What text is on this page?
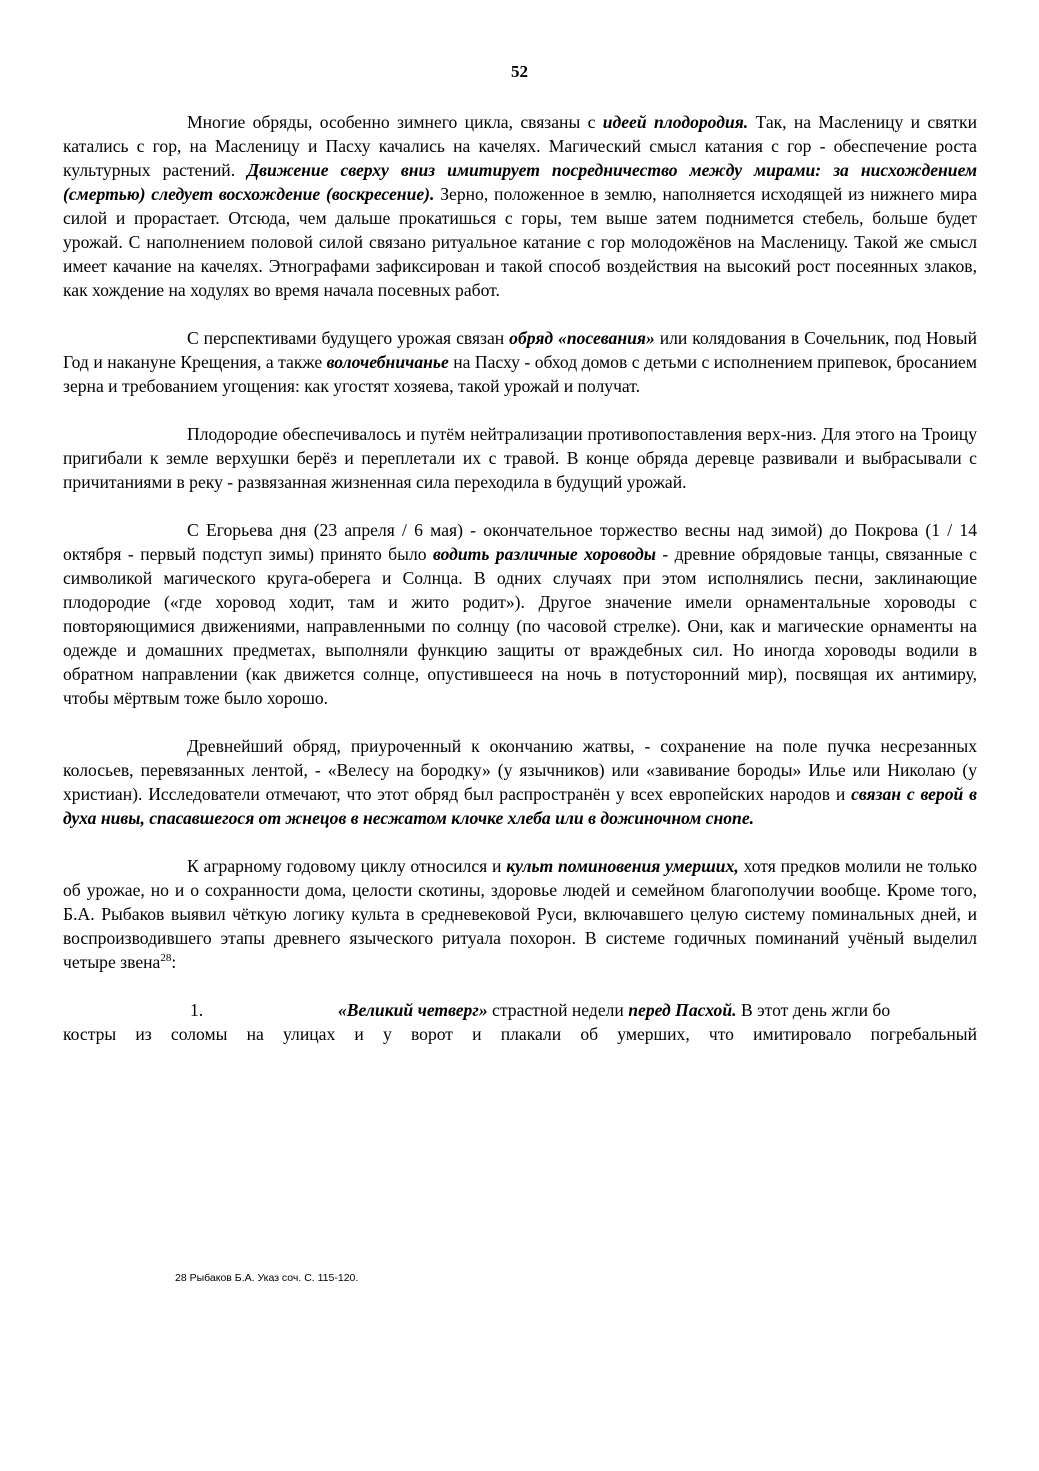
52

Многие обряды, особенно зимнего цикла, связаны с идеей плодородия. Так, на Масленицу и святки катались с гор, на Масленицу и Пасху качались на качелях. Магический смысл катания с гор - обеспечение роста культурных растений. Движение сверху вниз имитирует посредничество между мирами: за нисхождением (смертью) следует восхождение (воскресение). Зерно, положенное в землю, наполняется исходящей из нижнего мира силой и прорастает. Отсюда, чем дальше прокатишься с горы, тем выше затем поднимется стебель, больше будет урожай. С наполнением половой силой связано ритуальное катание с гор молодожёнов на Масленицу. Такой же смысл имеет качание на качелях. Этнографами зафиксирован и такой способ воздействия на высокий рост посеянных злаков, как хождение на ходулях во время начала посевных работ.

С перспективами будущего урожая связан обряд «посевания» или колядования в Сочельник, под Новый Год и накануне Крещения, а также волочебничанье на Пасху - обход домов с детьми с исполнением припевок, бросанием зерна и требованием угощения: как угостят хозяева, такой урожай и получат.

Плодородие обеспечивалось и путём нейтрализации противопоставления верх-низ. Для этого на Троицу пригибали к земле верхушки берёз и переплетали их с травой. В конце обряда деревце развивали и выбрасывали с причитаниями в реку - развязанная жизненная сила переходила в будущий урожай.

С Егорьева дня (23 апреля / 6 мая) - окончательное торжество весны над зимой) до Покрова (1 / 14 октября - первый подступ зимы) принято было водить различные хороводы - древние обрядовые танцы, связанные с символикой магического круга-оберега и Солнца. В одних случаях при этом исполнялись песни, заклинающие плодородие («где хоровод ходит, там и жито родит»). Другое значение имели орнаментальные хороводы с повторяющимися движениями, направленными по солнцу (по часовой стрелке). Они, как и магические орнаменты на одежде и домашних предметах, выполняли функцию защиты от враждебных сил. Но иногда хороводы водили в обратном направлении (как движется солнце, опустившееся на ночь в потусторонний мир), посвящая их антимиру, чтобы мёртвым тоже было хорошо.

Древнейший обряд, приуроченный к окончанию жатвы, - сохранение на поле пучка несрезанных колосьев, перевязанных лентой, - «Велесу на бородку» (у язычников) или «завивание бороды» Илье или Николаю (у христиан). Исследователи отмечают, что этот обряд был распространён у всех европейских народов и связан с верой в духа нивы, спасавшегося от жнецов в несжатом клочке хлеба или в дожиночном снопе.

К аграрному годовому циклу относился и культ поминовения умерших, хотя предков молили не только об урожае, но и о сохранности дома, целости скотины, здоровье людей и семейном благополучии вообще. Кроме того, Б.А. Рыбаков выявил чёткую логику культа в средневековой Руси, включавшего целую систему поминальных дней, и воспроизводившего этапы древнего языческого ритуала похорон. В системе годичных поминаний учёный выделил четыре звена$^{28}$:

1.	«Великий четверг» страстной недели перед Пасхой. В этот день жгли бо
костры из соломы на улицах и у ворот и плакали об умерших, что имитировало погребальный
28 Рыбаков Б.А. Указ соч. С. 115-120.
